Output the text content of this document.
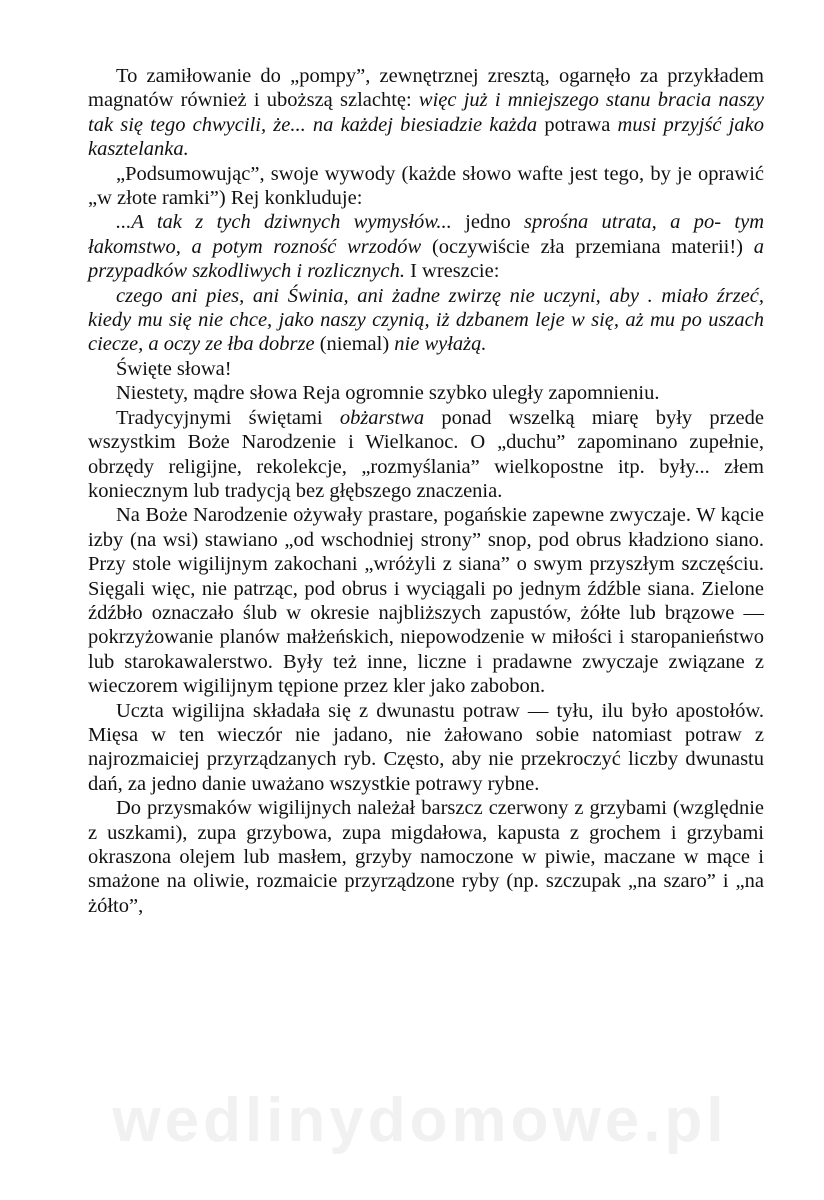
To zamiłowanie do „pompy”, zewnętrznej zresztą, ogarnęło za przykładem magnatów również i uboższą szlachtę: więc już i mniejszego stanu bracia naszy tak się tego chwycili, że... na każdej biesiadzie każda potrawa musi przyjść jako kasztelanka.

„Podsumowując”, swoje wywody (każde słowo wafte jest tego, by je oprawić „w złote ramki”) Rej konkluduje:

...A tak z tych dziwnych wymysłów... jedno sprośna utrata, a po- tym łakomstwo, a potym rozność wrzodów (oczywiście zła przemiana materii!) a przypadków szkodliwych i rozlicznych. I wreszcie:

czego ani pies, ani Świnia, ani żadne zwirzę nie uczyni, aby . miało źrzeć, kiedy mu się nie chce, jako naszy czynią, iż dzbanem leje w się, aż mu po uszach ciecze, a oczy ze łba dobrze (niemal) nie wyłażą.

Święte słowa!

Niestety, mądre słowa Reja ogromnie szybko uległy zapomnieniu.

Tradycyjnymi świętami obżarstwa ponad wszelką miarę były przede wszystkim Boże Narodzenie i Wielkanoc. O „duchu” zapominano zupełnie, obrzędy religijne, rekolekcje, „rozmyślania” wielkopostne itp. były... złem koniecznym lub tradycją bez głębszego znaczenia.

Na Boże Narodzenie ożywały prastare, pogańskie zapewne zwyczaje. W kącie izby (na wsi) stawiano „od wschodniej strony” snop, pod obrus kładziono siano. Przy stole wigilijnym zakochani „wróżyli z siana” o swym przyszłym szczęściu. Sięgali więc, nie patrząc, pod obrus i wyciągali po jednym źdźble siana. Zielone źdźbło oznaczało ślub w okresie najbliższych zapustów, żółte lub brązowe — pokrzyżowanie planów małżeńskich, niepowodzenie w miłości i staropanieństwo lub starokawalerstwo. Były też inne, liczne i pradawne zwyczaje związane z wieczorem wigilijnym tępione przez kler jako zabobon.

Uczta wigilijna składała się z dwunastu potraw — tyłu, ilu było apostołów. Mięsa w ten wieczór nie jadano, nie żałowano sobie natomiast potraw z najrozmaiciej przyrządzanych ryb. Często, aby nie przekroczyć liczby dwunastu dań, za jedno danie uważano wszystkie potrawy rybne.

Do przysmaków wigilijnych należał barszcz czerwony z grzybami (względnie z uszkami), zupa grzybowa, zupa migdałowa, kapusta z grochem i grzybami okraszona olejem lub masłem, grzyby namoczone w piwie, maczane w mące i smażone na oliwie, rozmaicie przyrządzone ryby (np. szczupak „na szaro” i „na żółto”,

wedlinydomowe.pl
